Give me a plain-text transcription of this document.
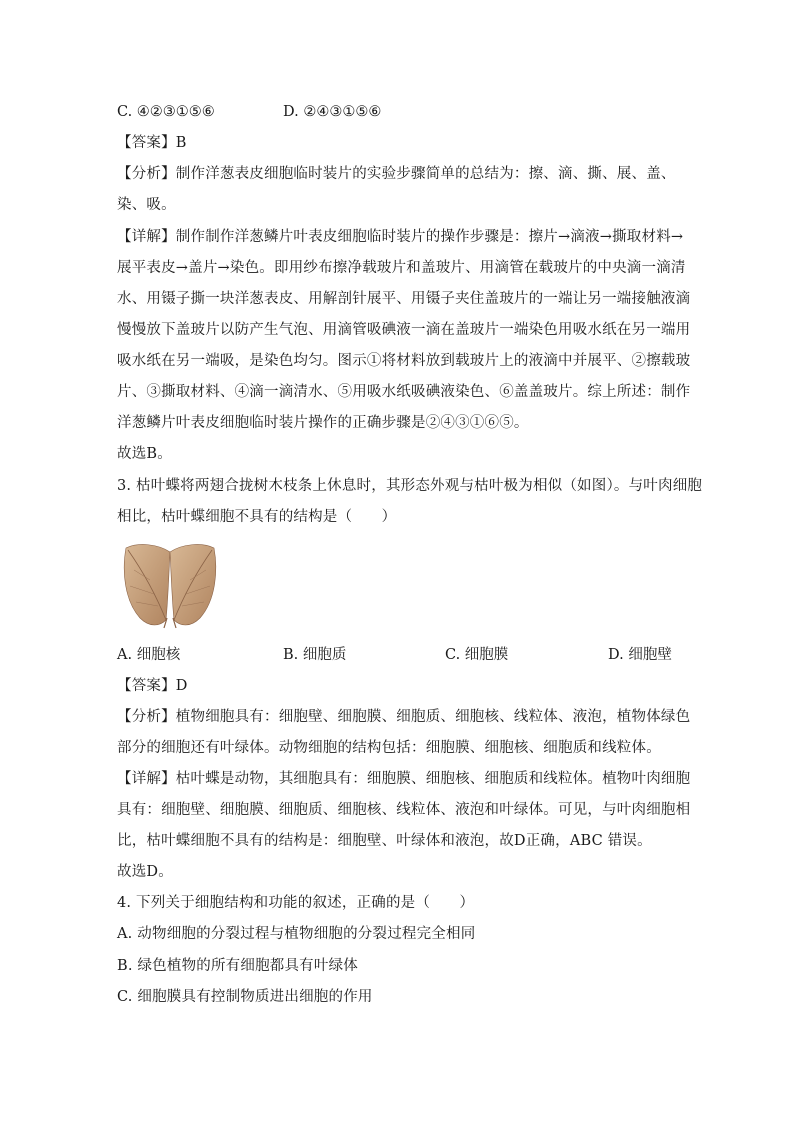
C. ④②③①⑤⑥	D. ②④③①⑤⑥
【答案】B
【分析】制作洋葱表皮细胞临时装片的实验步骤简单的总结为：擦、滴、撕、展、盖、
染、吸。
【详解】制作制作洋葱鳞片叶表皮细胞临时装片的操作步骤是：擦片→滴液→撕取材料→
展平表皮→盖片→染色。即用纱布擦净载玻片和盖玻片、用滴管在载玻片的中央滴一滴清
水、用镊子撕一块洋葱表皮、用解剖针展平、用镊子夹住盖玻片的一端让另一端接触液滴
慢慢放下盖玻片以防产生气泡、用滴管吸碘液一滴在盖玻片一端染色用吸水纸在另一端用
吸水纸在另一端吸，是染色均匀。图示①将材料放到载玻片上的液滴中并展平、②擦载玻
片、③撕取材料、④滴一滴清水、⑤用吸水纸吸碘液染色、⑥盖盖玻片。综上所述：制作
洋葱鳞片叶表皮细胞临时装片操作的正确步骤是②④③①⑥⑤。
故选B。
3. 枯叶蝶将两翅合拢树木枝条上休息时，其形态外观与枯叶极为相似（如图）。与叶肉细胞
相比，枯叶蝶细胞不具有的结构是（　　）
A. 细胞核	B. 细胞质	C. 细胞膜	D. 细胞壁
【答案】D
【分析】植物细胞具有：细胞壁、细胞膜、细胞质、细胞核、线粒体、液泡，植物体绿色
部分的细胞还有叶绿体。动物细胞的结构包括：细胞膜、细胞核、细胞质和线粒体。
【详解】枯叶蝶是动物，其细胞具有：细胞膜、细胞核、细胞质和线粒体。植物叶肉细胞
具有：细胞壁、细胞膜、细胞质、细胞核、线粒体、液泡和叶绿体。可见，与叶肉细胞相
比，枯叶蝶细胞不具有的结构是：细胞壁、叶绿体和液泡，故D正确，ABC 错误。
故选D。
4. 下列关于细胞结构和功能的叙述，正确的是（　　）
A. 动物细胞的分裂过程与植物细胞的分裂过程完全相同
B. 绿色植物的所有细胞都具有叶绿体
C. 细胞膜具有控制物质进出细胞的作用
